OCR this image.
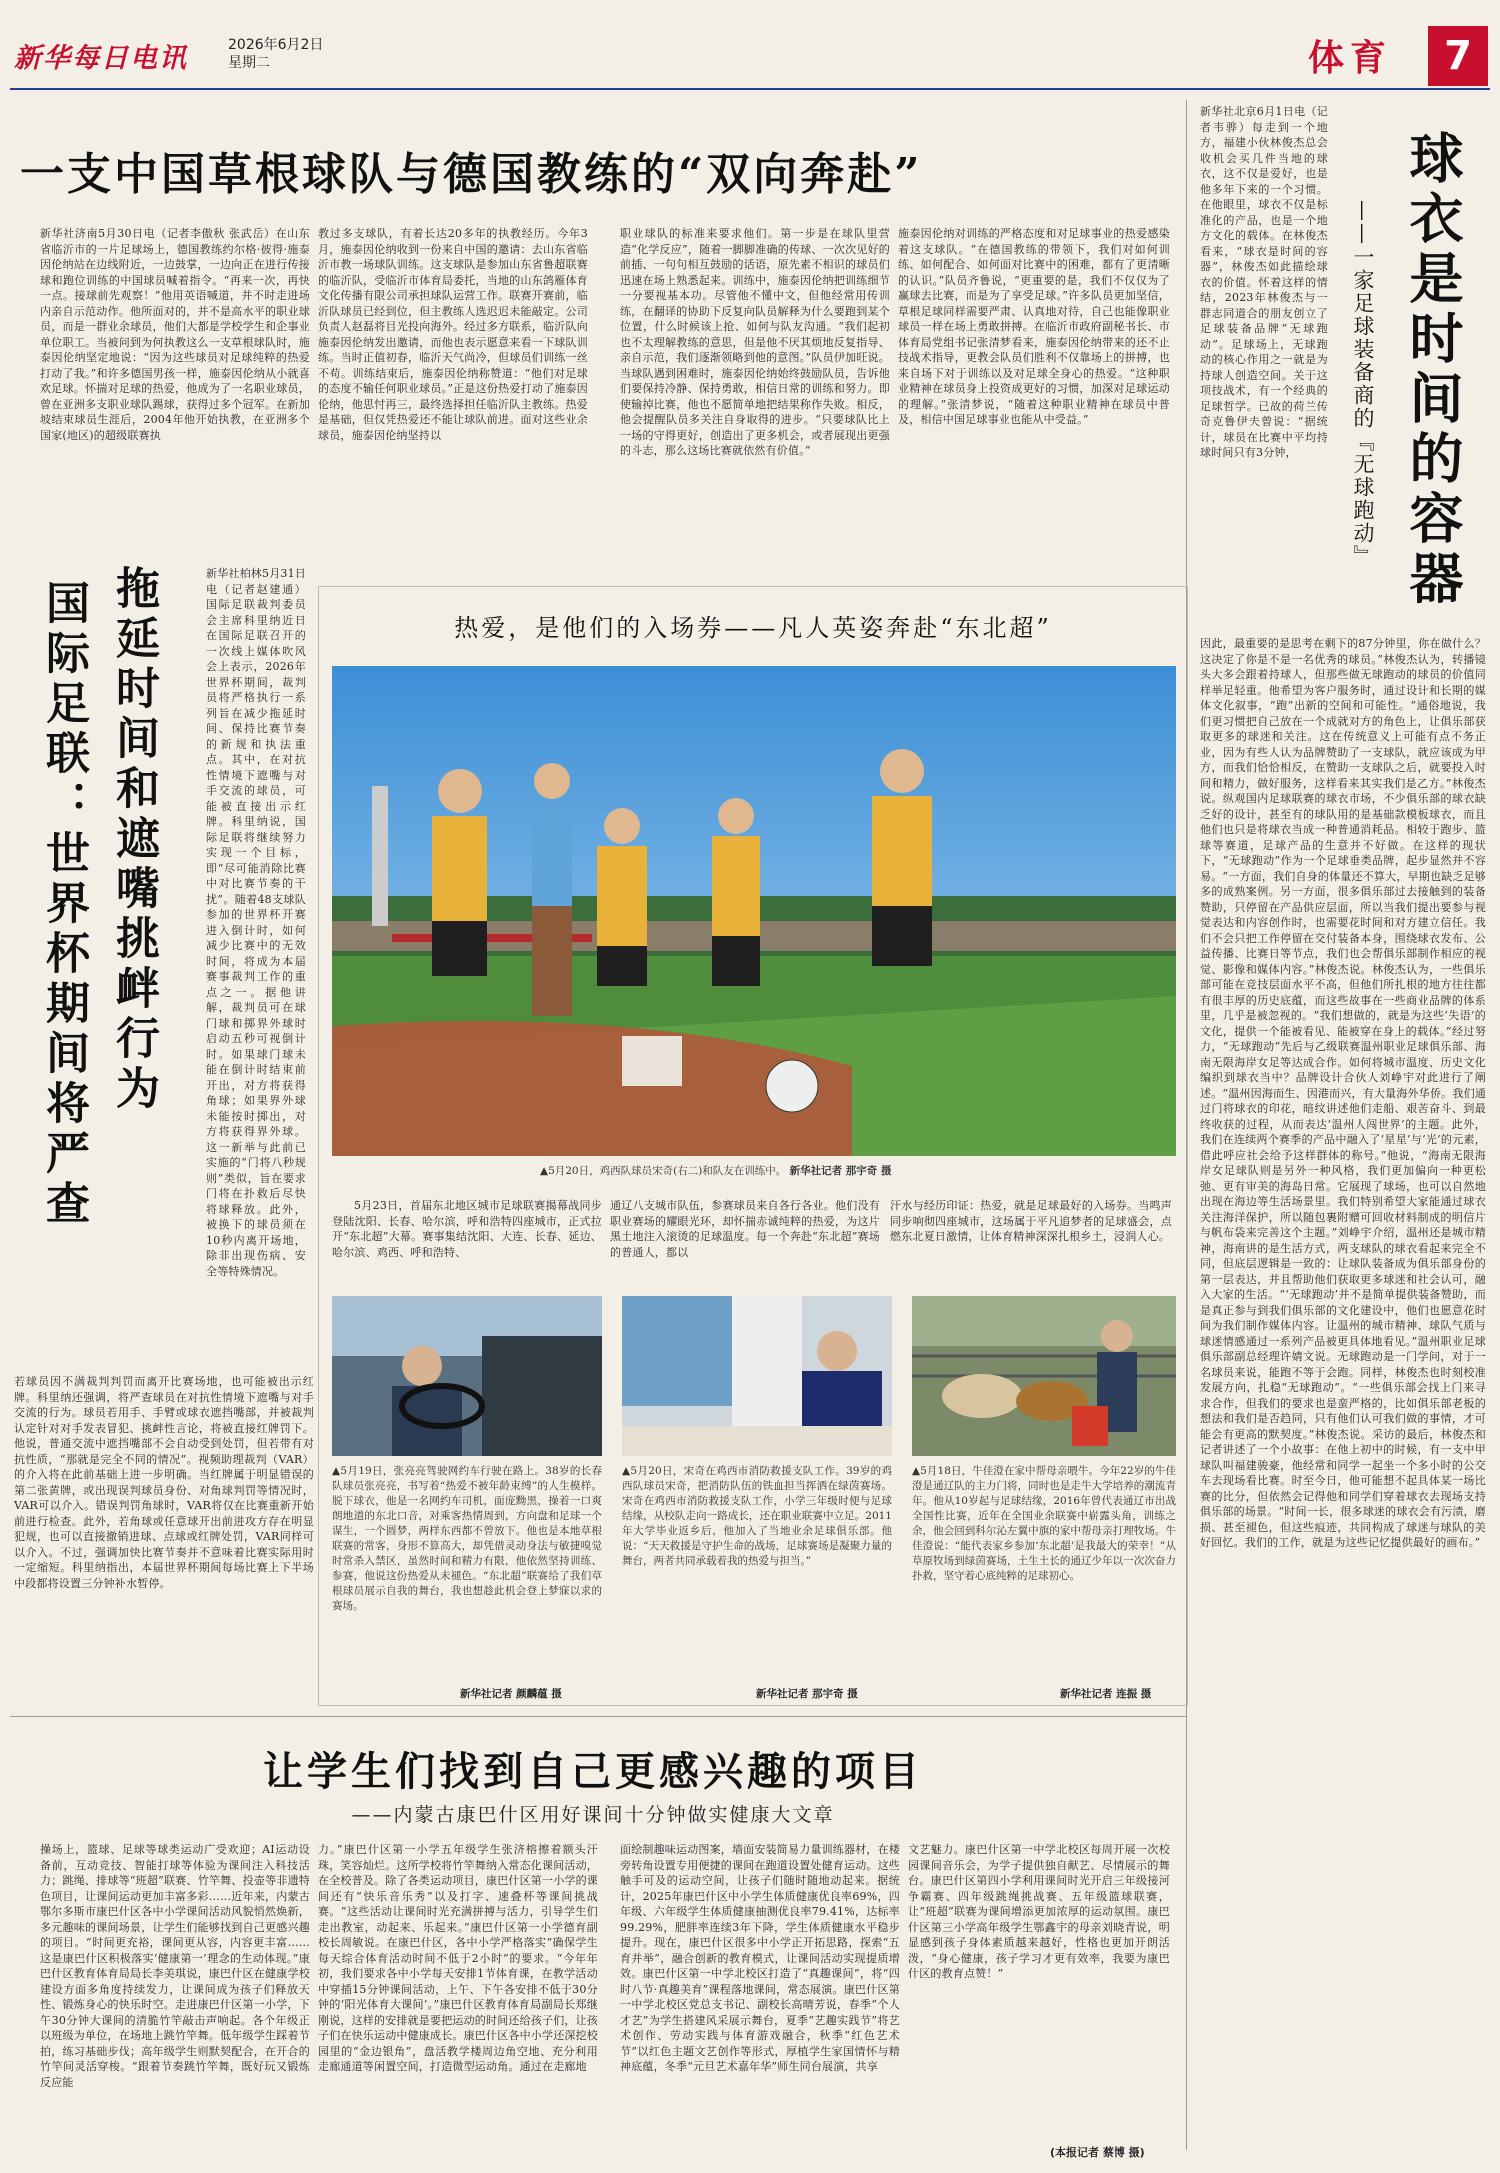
新华每日电讯	2026年6月2日
星期二	体育	7
一支中国草根球队与德国教练的“双向奔赴”

新华社济南5月30日电（记者李傲秋 张武岳）在山东省临沂市的一片足球场上，德国教练约尔格·彼得·施泰因伦纳站在边线附近，一边鼓掌，一边向正在进行传接球和跑位训练的中国球员喊着指令。“再来一次，再快一点。接球前先观察！”他用英语喊道，并不时走进场内亲自示范动作。他所面对的，并不是高水平的职业球员，而是一群业余球员，他们大都是学校学生和企事业单位职工。当被问到为何执教这么一支草根球队时，施泰因伦纳坚定地说：“因为这些球员对足球纯粹的热爱打动了我。”和许多德国男孩一样，施泰因伦纳从小就喜欢足球。怀揣对足球的热爱，他成为了一名职业球员，曾在亚洲多支职业球队踢球，获得过多个冠军。在新加坡结束球员生涯后，2004年他开始执教，在亚洲多个国家(地区)的超级联赛执

教过多支球队，有着长达20多年的执教经历。今年3月，施泰因伦纳收到一份来自中国的邀请：去山东省临沂市教一场球队训练。这支球队是参加山东省鲁超联赛的临沂队，受临沂市体育局委托，当地的山东鸽雁体育文化传播有限公司承担球队运营工作。联赛开赛前，临沂队球员已经到位，但主教练人选迟迟未能敲定。公司负责人赵磊将目光投向海外。经过多方联系，临沂队向施泰因伦纳发出邀请，而他也表示愿意来看一下球队训练。当时正值初春，临沂天气尚冷，但球员们训练一丝不苟。训练结束后，施泰因伦纳称赞道：“他们对足球的态度不输任何职业球员。”正是这份热爱打动了施泰因伦纳，他思忖再三，最终选择担任临沂队主教练。热爱是基础，但仅凭热爱还不能让球队前进。面对这些业余球员，施泰因伦纳坚持以

职业球队的标准来要求他们。第一步是在球队里营造“化学反应”，随着一脚脚准确的传球、一次次见好的前插、一句句相互鼓励的话语，原先素不相识的球员们迅速在场上熟悉起来。训练中，施泰因伦纳把训练细节一分要视基本功。尽管他不懂中文，但他经常用传训练，在翻译的协助下反复向队员解释为什么要跑到某个位置，什么时候该上抢、如何与队友沟通。“我们起初也不太理解教练的意思，但是他不厌其烦地反复指导、亲自示范，我们逐渐领略到他的意图。”队员伊加旺说。当球队遇到困难时，施泰因伦纳始终鼓励队员，告诉他们要保持冷静、保持勇敢，相信日常的训练和努力。即使输掉比赛，他也不愿简单地把结果称作失败。相反，他会提醒队员多关注自身取得的进步。“只要球队比上一场的守得更好，创造出了更多机会，或者展现出更强的斗志，那么这场比赛就依然有价值。”

施泰因伦纳对训练的严格态度和对足球事业的热爱感染着这支球队。“在德国教练的带领下，我们对如何训练、如何配合、如何面对比赛中的困难，都有了更清晰的认识。”队员齐鲁说，“更重要的是，我们不仅仅为了赢球去比赛，而是为了享受足球。”许多队员更加坚信，草根足球同样需要严肃、认真地对待，自己也能像职业球员一样在场上勇敢拼搏。在临沂市政府副秘书长、市体育局党组书记张清梦看来，施泰因伦纳带来的还不止技战术指导，更教会队员们胜利不仅靠场上的拼搏，也来自场下对于训练以及对足球全身心的热爱。“这种职业精神在球员身上投资成更好的习惯，加深对足球运动的理解。”张清梦说，“随着这种职业精神在球员中普及，相信中国足球事业也能从中受益。”

新华社北京6月1日电（记者韦骅）每走到一个地方，福建小伙林俊杰总会收机会买几件当地的球衣，这不仅是爱好，也是他多年下来的一个习惯。在他眼里，球衣不仅是标准化的产品，也是一个地方文化的载体。在林俊杰看来，“球衣是时间的容器”，林俊杰如此描绘球衣的价值。怀着这样的情结，2023年林俊杰与一群志同道合的朋友创立了足球装备品牌“无球跑动”。足球场上，无球跑动的核心作用之一就是为持球人创造空间。关于这项技战术，有一个经典的足球哲学。已故的荷兰传奇克鲁伊夫曾说：“据统计，球员在比赛中平均持球时间只有3分钟，	球衣是时间的容器
——一家足球装备商的『无球跑动』

因此，最重要的是思考在剩下的87分钟里，你在做什么？这决定了你是不是一名优秀的球员。”林俊杰认为，转播镜头大多会跟着持球人，但那些做无球跑动的球员的价值同样举足轻重。他希望为客户服务时，通过设计和长期的媒体文化叙事，“跑”出新的空间和可能性。“通俗地说，我们更习惯把自己放在一个成就对方的角色上，让俱乐部获取更多的球迷和关注。这在传统意义上可能有点不务正业，因为有些人认为品牌赞助了一支球队，就应该成为甲方，而我们恰恰相反，在赞助一支球队之后，就要投入时间和精力，做好服务，这样看来其实我们是乙方。”林俊杰说。纵观国内足球联赛的球衣市场，不少俱乐部的球衣缺乏好的设计，甚至有的球队用的是基础款模板球衣，而且他们也只是将球衣当成一种普通消耗品。相较于跑步、篮球等赛道，足球产品的生意并不好做。在这样的现状下，“无球跑动”作为一个足球垂类品牌，起步显然并不容易。“一方面，我们自身的体量还不算大，早期也缺乏足够多的成熟案例。另一方面，很多俱乐部过去接触到的装备赞助，只停留在产品供应层面，所以当我们提出要参与视觉表达和内容创作时，也需要花时间和对方建立信任。我们不会只把工作停留在交付装备本身，围绕球衣发布、公益传播、比赛日等节点，我们也会帮俱乐部制作相应的视觉、影像和媒体内容。”林俊杰说。林俊杰认为，一些俱乐部可能在竞技层面水平不高，但他们所扎根的地方往往都有很丰厚的历史底蕴，而这些故事在一些商业品牌的体系里，几乎是被忽视的。“我们想做的，就是为这些‘失语’的文化，提供一个能被看见、能被穿在身上的载体。”经过努力，“无球跑动”先后与乙级联赛温州职业足球俱乐部、海南无限海岸女足等达成合作。如何将城市温度、历史文化编织到球衣当中？品牌设计合伙人刘峥宇对此进行了阐述。“温州因海而生、因港而兴，有大量海外华侨。我们通过门将球衣的印花，暗纹讲述他们走船、艰苦奋斗、到最终收获的过程，从而表达‘温州人闯世界’的主题。此外，我们在连续两个赛季的产品中融入了‘星星’与‘光’的元素，借此呼应社会给予这样群体的称号。”他说，“海南无限海岸女足球队则是另外一种风格，我们更加偏向一种更松弛、更有审美的海岛日常。它展现了球场，也可以自然地出现在海边等生活场景里。我们特别希望大家能通过球衣关注海洋保护，所以随包裹附赠可回收材料制成的明信片与帆布袋来完善这个主题。”刘峥宇介绍，温州还是城市精神，海南讲的是生活方式，两支球队的球衣看起来完全不同，但底层逻辑是一致的：让球队装备成为俱乐部身份的第一层表达，并且帮助他们获取更多球迷和社会认可，融入大家的生活。“‘无球跑动’并不是简单提供装备赞助，而是真正参与到我们俱乐部的文化建设中，他们也愿意花时间为我们制作媒体内容。让温州的城市精神、球队气质与球迷情感通过一系列产品被更具体地看见。”温州职业足球俱乐部副总经理许婧文说。无球跑动是一门学问，对于一名球员来说，能跑不等于会跑。同样，林俊杰也时刻校准发展方向，扎稳“无球跑动”。“一些俱乐部会找上门来寻求合作，但我们的要求也是蛮严格的，比如俱乐部老板的想法和我们是否趋同，只有他们认可我们做的事情，才可能会有更高的默契度。”林俊杰说。采访的最后，林俊杰和记者讲述了一个小故事：在他上初中的时候，有一支中甲球队叫福建骏豪，他经常和同学一起坐一个多小时的公交车去现场看比赛。时至今日，他可能想不起具体某一场比赛的比分，但依然会记得他和同学们穿着球衣去现场支持俱乐部的场景。“时间一长，很多球迷的球衣会有污渍，磨损、甚至褪色，但这些痕迹，共同构成了球迷与球队的美好回忆。我们的工作，就是为这些记忆提供最好的画布。”

国际足联：世界杯期间将严查 拖延时间和遮嘴挑衅行为	新华社柏林5月31日电（记者赵建通）国际足联裁判委员会主席科里纳近日在国际足联召开的一次线上媒体吹风会上表示，2026年世界杯期间，裁判员将严格执行一系列旨在减少拖延时间、保持比赛节奏的新规和执法重点。其中，在对抗性情境下遮嘴与对手交流的球员，可能被直接出示红牌。科里纳说，国际足联将继续努力实现一个目标，即“尽可能消除比赛中对比赛节奏的干扰”。随着48支球队参加的世界杯开赛进入倒计时，如何减少比赛中的无效时间，将成为本届赛事裁判工作的重点之一。据他讲解，裁判员可在球门球和掷界外球时启动五秒可视倒计时。如果球门球未能在倒计时结束前开出，对方将获得角球；如果界外球未能按时掷出，对方将获得界外球。这一新举与此前已实施的“门将八秒规则”类似，旨在要求门将在扑救后尽快将球释放。此外，被换下的球员须在10秒内离开场地，除非出现伤病、安全等特殊情况。

若球员因不满裁判判罚而离开比赛场地，也可能被出示红牌。科里纳还强调，将严查球员在对抗性情境下遮嘴与对手交流的行为。球员若用手、手臂或球衣遮挡嘴部，并被裁判认定针对对手发表冒犯、挑衅性言论，将被直接红牌罚下。他说，普通交流中遮挡嘴部不会自动受到处罚，但若带有对抗性质，“那就是完全不同的情况”。视频助理裁判（VAR）的介入将在此前基础上进一步明确。当红牌属于明显错误的第二张黄牌，或出现误判球员身份、对角球判罚等情况时，VAR可以介入。错误判罚角球时，VAR将仅在比赛重新开始前进行检查。此外，若角球或任意球开出前进攻方存在明显犯规，也可以直接撤销进球、点球或红牌处罚，VAR同样可以介入。不过，强调加快比赛节奏并不意味着比赛实际用时一定缩短。科里纳指出，本届世界杯期间每场比赛上下半场中段都将设置三分钟补水暂停。

热爱，是他们的入场券——凡人英姿奔赴“东北超”
▲5月20日，鸡西队球员宋奇(右二)和队友在训练中。 新华社记者 那宇奇 摄

5月23日，首届东北地区城市足球联赛揭幕战同步登陆沈阳、长春、哈尔滨，呼和浩特四座城市，正式拉开“东北超”大幕。赛事集结沈阳、大连、长春、延边、哈尔滨、鸡西、呼和浩特、

通辽八支城市队伍，参赛球员来自各行各业。他们没有职业赛场的耀眼光环，却怀揣赤诚纯粹的热爱，为这片黑土地注入滚烫的足球温度。每一个奔赴“东北超”赛场的普通人，都以

汗水与经历印证：热爱，就是足球最好的入场券。当鸣声同步响彻四座城市，这场属于平凡追梦者的足球盛会，点燃东北夏日激情，让体育精神深深扎根乡土，浸润人心。

▲5月19日，张亮亮驾驶网约车行驶在路上。38岁的长春队球员张亮亮，书写着“热爱不被年龄束缚”的人生模样。脱下球衣，他是一名网约车司机，面庞黝黑，操着一口爽朗地道的东北口音，对乘客热情周到，方向盘和足球一个谋生，一个圆梦，两样东西都不曾放下。他也是本地草根联赛的常客，身形不算高大，却凭借灵动身法与敏捷嗅觉时常杀入禁区，虽然时间和精力有限，他依然坚持训练、参赛，他说这份热爱从未褪色。“东北超”联赛给了我们草根球员展示自我的舞台，我也想趁此机会登上梦寐以求的赛场。
新华社记者 颜麟蕴 摄
▲5月20日，宋奇在鸡西市消防救援支队工作。39岁的鸡西队球员宋奇，把消防队伍的铁血担当挥洒在绿茵赛场。宋奇在鸡西市消防救援支队工作，小学三年级时便与足球结缘，从校队走向一路成长，还在职业联赛中立足。2011年大学毕业返乡后，他加入了当地业余足球俱乐部。他说：“天天救援是守护生命的战场，足球赛场是凝聚力量的舞台，两者共同承载着我的热爱与担当。”
新华社记者 那宇奇 摄
▲5月18日，牛佳澄在家中帮母亲喂牛。今年22岁的牛佳澄是通辽队的主力门将，同时也是走牛大学培养的潮流青年。他从10岁起与足球结缘，2016年曾代表通辽市出战全国性比赛，近年在全国业余联赛中崭露头角，训练之余，他会回到科尔沁左翼中旗的家中帮母亲打理牧场。牛佳澄说：“能代表家乡参加‘东北超’是我最大的荣幸！”从草原牧场到绿茵赛场，土生土长的通辽少年以一次次奋力扑救，坚守着心底纯粹的足球初心。
新华社记者 连振 摄
让学生们找到自己更感兴趣的项目
——内蒙古康巴什区用好课间十分钟做实健康大文章

操场上，篮球、足球等球类运动广受欢迎；AI运动设备前，互动竞技、智能打球等体验为课间注入科技活力；跳绳、排球等“班超”联赛、竹竿舞、投壶等非遗特色项目，让课间运动更加丰富多彩……近年来，内蒙古鄂尔多斯市康巴什区各中小学课间活动风貌悄然焕新，多元趣味的课间场景，让学生们能够找到自己更感兴趣的项目。“时间更充裕，课间更从容，内容更丰富……这是康巴什区积极落实‘健康第一’理念的生动体现。”康巴什区教育体育局局长李美琪说，康巴什区在健康学校建设方面多角度持续发力，让课间成为孩子们释放天性、锻炼身心的快乐时空。走进康巴什区第一小学，下午30分钟大课间的清脆竹竿敲击声响起。各个年级正以班级为单位，在场地上跳竹竿舞。低年级学生踩着节拍，练习基础步伐；高年级学生则默契配合，在开合的竹竿间灵活穿梭。“跟着节奏跳竹竿舞，既好玩又锻炼反应能

力。”康巴什区第一小学五年级学生张济榕擦着额头汗珠，笑容灿烂。这所学校将竹竿舞纳入常态化课间活动，在全校普及。除了各类运动项目，康巴什区第一小学的课间还有“快乐音乐秀”以及打字、速叠杯等课间挑战赛。“这些活动让课间时光充满拼搏与活力，引导学生们走出教室，动起来、乐起来。”康巴什区第一小学德育副校长周敏说。在康巴什区，各中小学严格落实“确保学生每天综合体育活动时间不低于2小时”的要求。“今年年初，我们要求各中小学每天安排1节体育课，在教学活动中穿插15分钟课间活动，上午、下午各安排不低于30分钟的‘阳光体育大课间’。”康巴什区教育体育局副局长郑继刚说，这样的安排就是要把运动的时间还给孩子们，让孩子们在快乐运动中健康成长。康巴什区各中小学还深挖校园里的“金边银角”，盘活教学楼周边角空地、充分利用走廊通道等闲置空间，打造微型运动角。通过在走廊地

面绘制趣味运动图案，墙面安装简易力量训练器材，在楼旁转角设置专用便捷的课间在跑道设置处健育运动。这些触手可及的运动空间，让孩子们随时随地动起来。据统计，2025年康巴什区中小学生体质健康优良率69%，四年级、六年级学生体质健康抽测优良率79.41%，达标率99.29%，肥胖率连续3年下降，学生体质健康水平稳步提升。现在，康巴什区很多中小学正开拓思路，探索“五育并举”，融合创新的教育模式，让课间活动实现提质增效。康巴什区第一中学北校区打造了“真趣课间”，将“四时八节·真趣美育”课程落地课间，常态展演。康巴什区第一中学北校区党总支书记、副校长高晴芳说，春季“个人才艺”为学生搭建风采展示舞台，夏季“艺趣实践节”将艺术创作、劳动实践与体育游戏融合，秋季“红色艺术节”以红色主题文艺创作等形式，厚植学生家国情怀与精神底蕴，冬季“元旦艺术嘉年华”师生同台展演，共享

文艺魅力。康巴什区第一中学北校区每周开展一次校园课间音乐会，为学子提供独自献艺、尽情展示的舞台。康巴什区第四小学利用课间时光开启三年级接河争霸赛、四年级跳绳挑战赛、五年级篮球联赛，让“班超”联赛为课间增添更加浓厚的运动氛围。康巴什区第三小学高年级学生鄂鑫宇的母亲刘晓青说，明显感到孩子身体素质越来越好，性格也更加开朗活泼，“身心健康，孩子学习才更有效率，我要为康巴什区的教育点赞！”

(本报记者 蔡博 摄)
